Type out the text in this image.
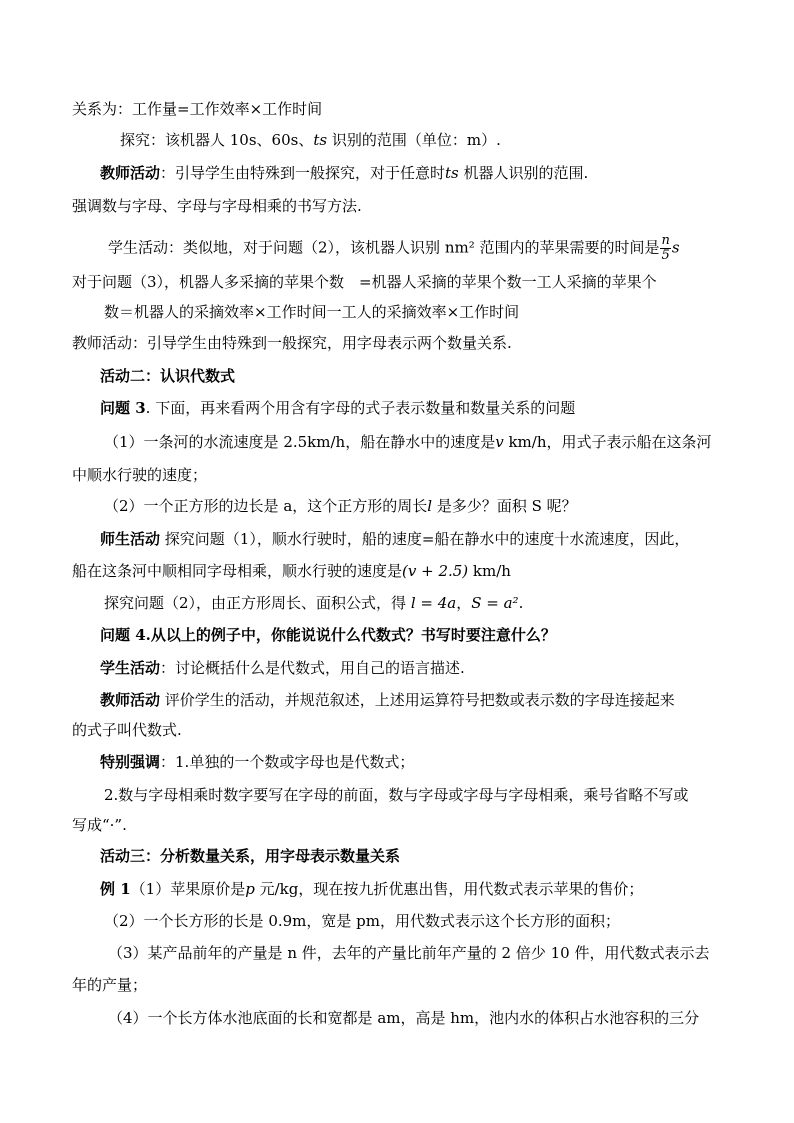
关系为：工作量=工作效率×工作时间
探究：该机器人 10s、60s、ts 识别的范围（单位：m）.
教师活动：引导学生由特殊到一般探究，对于任意时ts 机器人识别的范围.
强调数与字母、字母与字母相乘的书写方法.
学生活动：类似地，对于问题（2），该机器人识别 nm² 范围内的苹果需要的时间是 $\frac{n}{5}$ s
对于问题（3），机器人多采摘的苹果个数　=机器人采摘的苹果个数一工人采摘的苹果个
数＝机器人的采摘效率×工作时间一工人的采摘效率×工作时间
教师活动：引导学生由特殊到一般探究，用字母表示两个数量关系.
活动二：认识代数式
问题 3. 下面，再来看两个用含有字母的式子表示数量和数量关系的问题
（1）一条河的水流速度是 2.5km/h，船在静水中的速度是v km/h，用式子表示船在这条河
中顺水行驶的速度；
（2）一个正方形的边长是 a，这个正方形的周长l 是多少？面积 S 呢？
师生活动 探究问题（1），顺水行驶时，船的速度=船在静水中的速度十水流速度，因此，
船在这条河中顺相同字母相乘，顺水行驶的速度是(v + 2.5) km/h
探究问题（2），由正方形周长、面积公式，得 l = 4a，S = a².
问题 4.从以上的例子中，你能说说什么代数式？书写时要注意什么？
学生活动：讨论概括什么是代数式，用自己的语言描述.
教师活动 评价学生的活动，并规范叙述，上述用运算符号把数或表示数的字母连接起来
的式子叫代数式.
特别强调：1.单独的一个数或字母也是代数式；
2.数与字母相乘时数字要写在字母的前面，数与字母或字母与字母相乘，乘号省略不写或
写成“·”.
活动三：分析数量关系，用字母表示数量关系
例 1（1）苹果原价是p 元/kg，现在按九折优惠出售，用代数式表示苹果的售价；
（2）一个长方形的长是 0.9m，宽是 pm，用代数式表示这个长方形的面积；
（3）某产品前年的产量是 n 件，去年的产量比前年产量的 2 倍少 10 件，用代数式表示去
年的产量；
（4）一个长方体水池底面的长和宽都是 am，高是 hm，池内水的体积占水池容积的三分
